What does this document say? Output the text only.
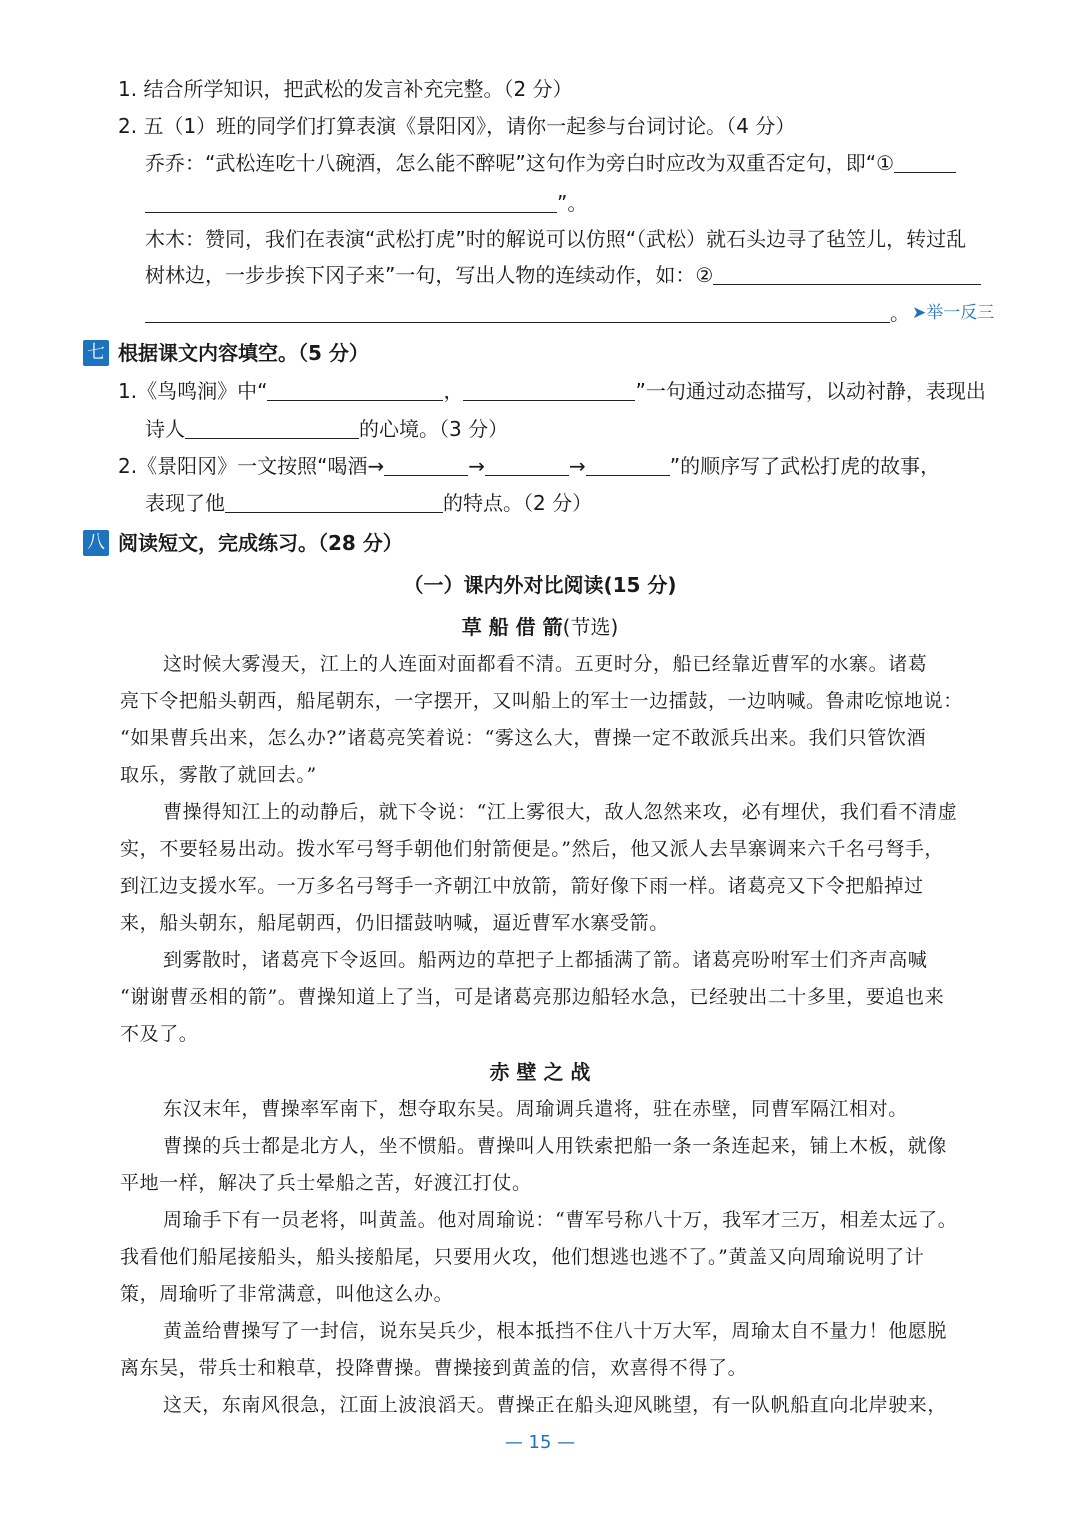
1. 结合所学知识，把武松的发言补充完整。（2 分）
2. 五（1）班的同学们打算表演《景阳冈》，请你一起参与台词讨论。（4 分）
乔乔：“武松连吃十八碗酒，怎么能不醉呢”这句作为旁白时应改为双重否定句，即“①
”。
木木：赞同，我们在表演“武松打虎”时的解说可以仿照“（武松）就石头边寻了毡笠儿，转过乱
树林边，一步步挨下冈子来”一句，写出人物的连续动作，如：②
。 ➤举一反三
七 根据课文内容填空。（5 分）
1.《鸟鸣涧》中“	，	”一句通过动态描写，以动衬静，表现出
诗人	的心境。（3 分）
2.《景阳冈》一文按照“喝酒→	→	→	”的顺序写了武松打虎的故事，
表现了他	的特点。（2 分）
八 阅读短文，完成练习。（28 分）
（一）课内外对比阅读(15 分)
草 船 借 箭(节选)
这时候大雾漫天，江上的人连面对面都看不清。五更时分，船已经靠近曹军的水寨。诸葛
亮下令把船头朝西，船尾朝东，一字摆开，又叫船上的军士一边擂鼓，一边呐喊。鲁肃吃惊地说：
“如果曹兵出来，怎么办?”诸葛亮笑着说：“雾这么大，曹操一定不敢派兵出来。我们只管饮酒
取乐，雾散了就回去。”
曹操得知江上的动静后，就下令说：“江上雾很大，敌人忽然来攻，必有埋伏，我们看不清虚
实，不要轻易出动。拨水军弓弩手朝他们射箭便是。”然后，他又派人去旱寨调来六千名弓弩手，
到江边支援水军。一万多名弓弩手一齐朝江中放箭，箭好像下雨一样。诸葛亮又下令把船掉过
来，船头朝东，船尾朝西，仍旧擂鼓呐喊，逼近曹军水寨受箭。
到雾散时，诸葛亮下令返回。船两边的草把子上都插满了箭。诸葛亮吩咐军士们齐声高喊
“谢谢曹丞相的箭”。曹操知道上了当，可是诸葛亮那边船轻水急，已经驶出二十多里，要追也来
不及了。
赤 壁 之 战
东汉末年，曹操率军南下，想夺取东吴。周瑜调兵遣将，驻在赤壁，同曹军隔江相对。
曹操的兵士都是北方人，坐不惯船。曹操叫人用铁索把船一条一条连起来，铺上木板，就像
平地一样，解决了兵士晕船之苦，好渡江打仗。
周瑜手下有一员老将，叫黄盖。他对周瑜说：“曹军号称八十万，我军才三万，相差太远了。
我看他们船尾接船头，船头接船尾，只要用火攻，他们想逃也逃不了。”黄盖又向周瑜说明了计
策，周瑜听了非常满意，叫他这么办。
黄盖给曹操写了一封信，说东吴兵少，根本抵挡不住八十万大军，周瑜太自不量力！他愿脱
离东吴，带兵士和粮草，投降曹操。曹操接到黄盖的信，欢喜得不得了。
这天，东南风很急，江面上波浪滔天。曹操正在船头迎风眺望，有一队帆船直向北岸驶来，
— 15 —
